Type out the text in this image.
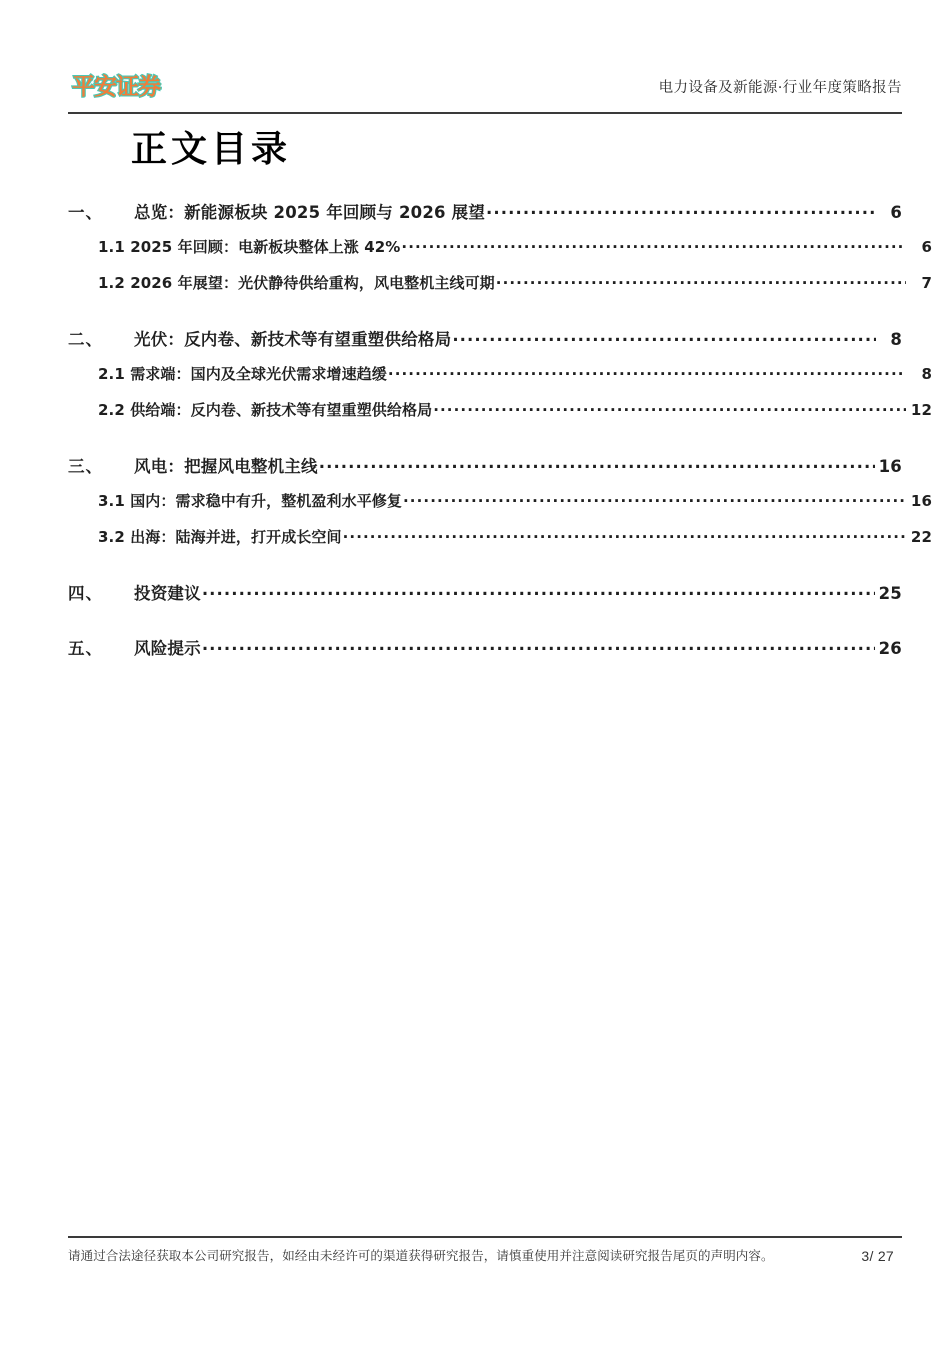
平安证券	电力设备及新能源·行业年度策略报告
正文目录
一、	总览：新能源板块 2025 年回顾与 2026 展望 .....	6
1.1 2025 年回顾：电新板块整体上涨 42% .....	6
1.2 2026 年展望：光伏静待供给重构，风电整机主线可期 .....	7
二、	光伏：反内卷、新技术等有望重塑供给格局 .....	8
2.1 需求端：国内及全球光伏需求增速趋缓 .....	8
2.2 供给端：反内卷、新技术等有望重塑供给格局 .....	12
三、	风电：把握风电整机主线 .....	16
3.1 国内：需求稳中有升，整机盈利水平修复 .....	16
3.2 出海：陆海并进，打开成长空间 .....	22
四、	投资建议 .....	25
五、	风险提示 .....	26
请通过合法途径获取本公司研究报告，如经由未经许可的渠道获得研究报告，请慎重使用并注意阅读研究报告尾页的声明内容。	3/ 27
